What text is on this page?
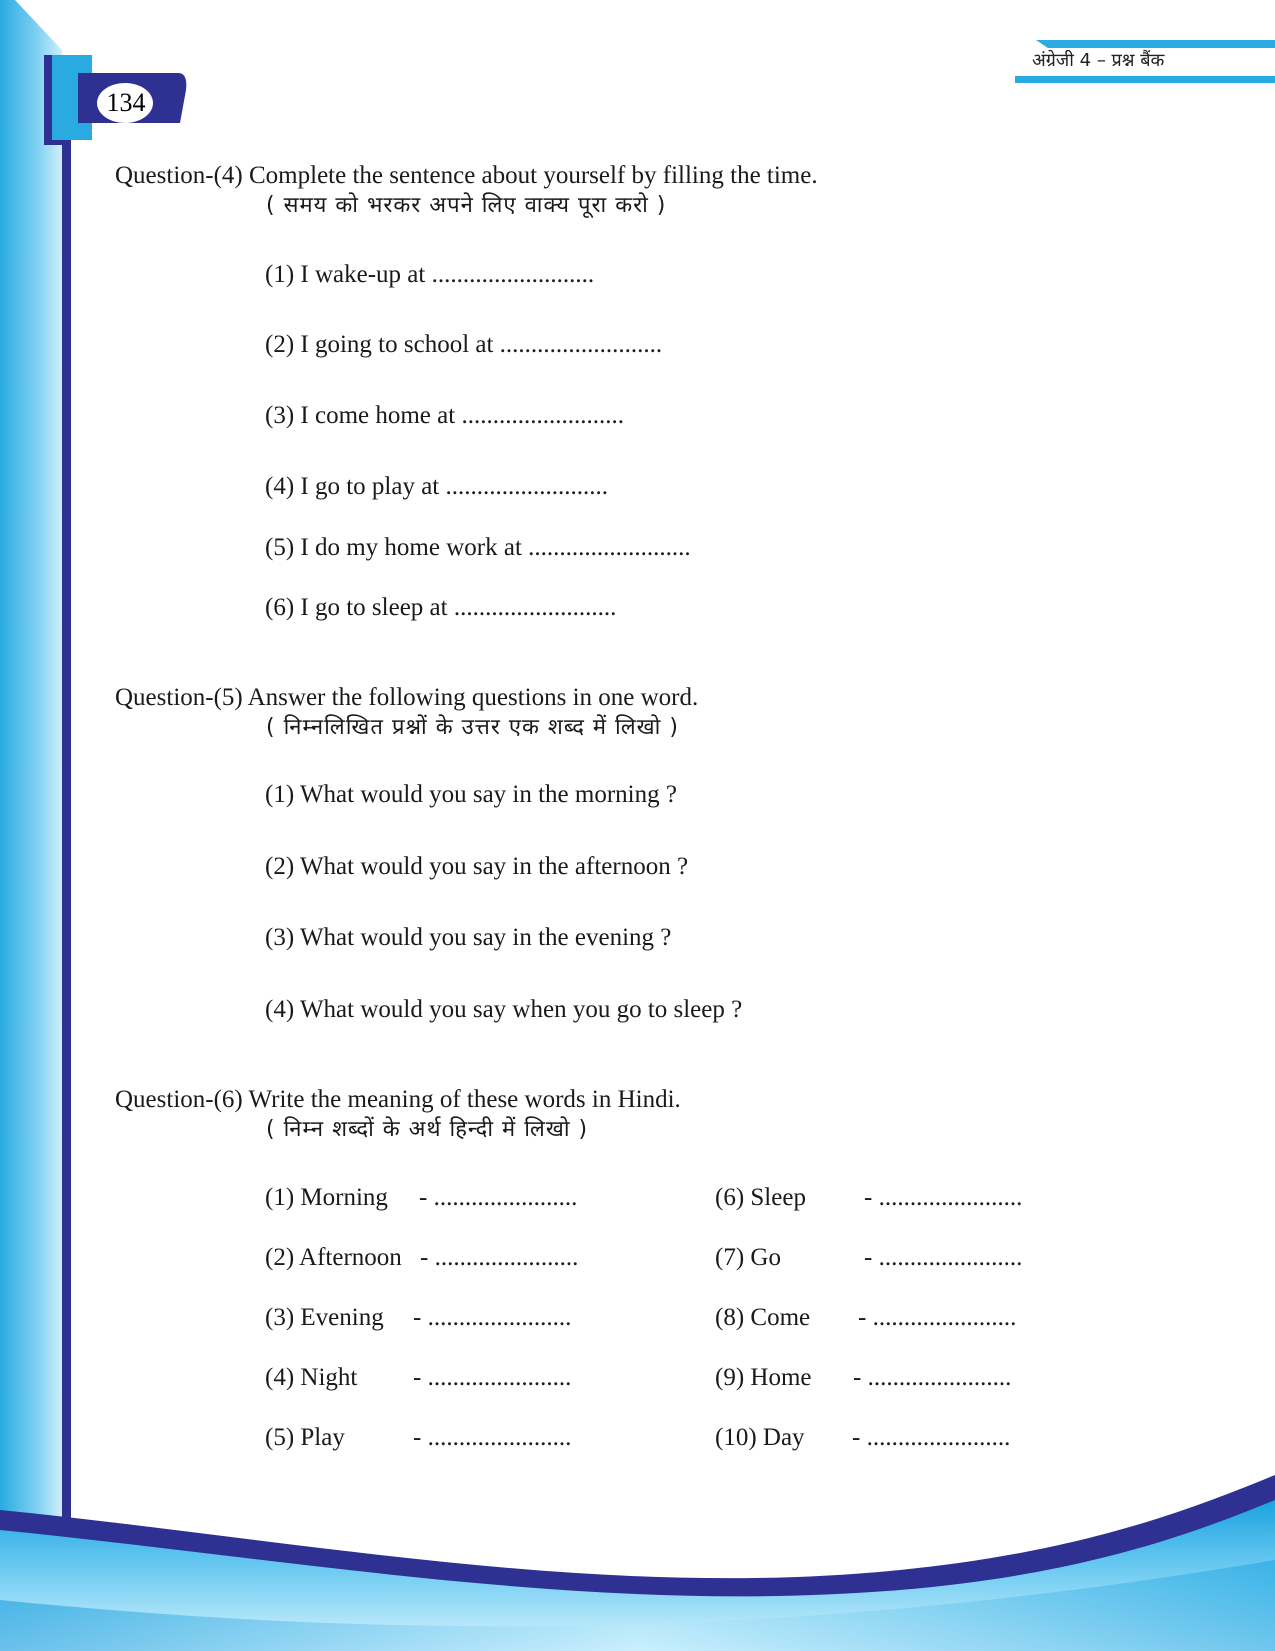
134
अंग्रेजी 4 – प्रश्न बैंक
Question-(4) Complete the sentence about yourself by filling the time.
( समय को भरकर अपने लिए वाक्य पूरा करो )
(1) I wake-up at ..........................
(2) I going to school at ..........................
(3) I come home at ..........................
(4) I go to play at ..........................
(5) I do my home work at ..........................
(6) I go to sleep at ..........................
Question-(5) Answer the following questions in one word.
( निम्नलिखित प्रश्नों के उत्तर एक शब्द में लिखो )
(1) What would you say in the morning ?
(2) What would you say in the afternoon ?
(3) What would you say in the evening ?
(4) What would you say when you go to sleep ?
Question-(6) Write the meaning of these words in Hindi.
( निम्न शब्दों के अर्थ हिन्दी में लिखो )
(1) Morning - .......................
(2) Afternoon - .......................
(3) Evening - .......................
(4) Night - .......................
(5) Play	- .......................
(6) Sleep - .......................
(7) Go	- .......................
(8) Come - .......................
(9) Home - .......................
(10) Day - .......................
